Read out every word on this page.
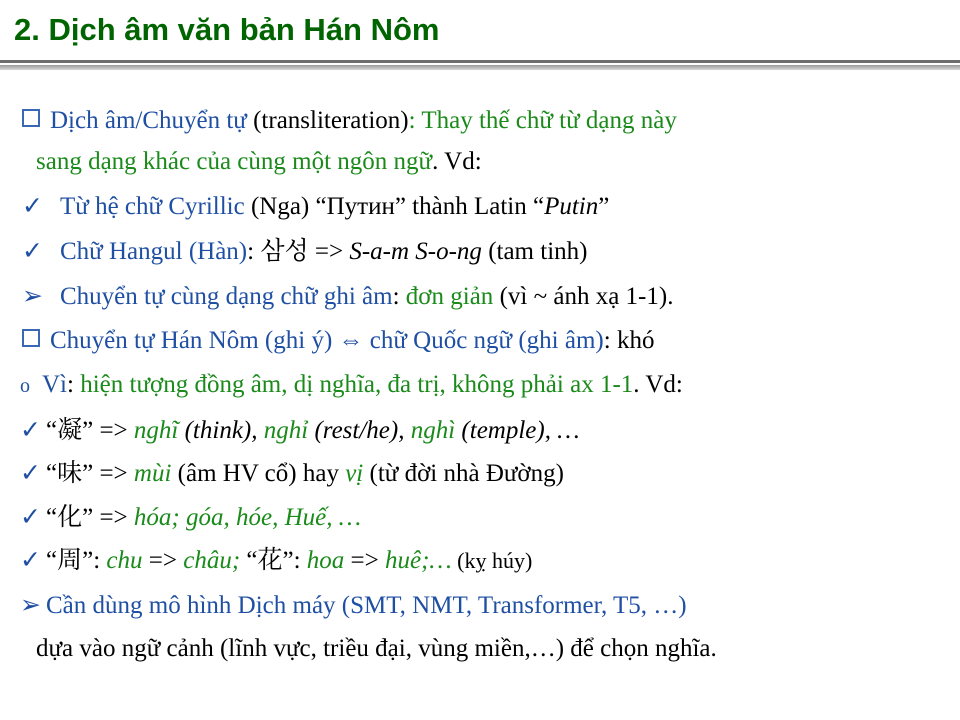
2. Dịch âm văn bản Hán Nôm
Dịch âm/Chuyển tự (transliteration): Thay thế chữ từ dạng này
sang dạng khác của cùng một ngôn ngữ. Vd:
✓ Từ hệ chữ Cyrillic (Nga) “Путин” thành Latin “Putin”
✓ Chữ Hangul (Hàn): 삼성 => S-a-m S-o-ng (tam tinh)
➢ Chuyển tự cùng dạng chữ ghi âm: đơn giản (vì ~ ánh xạ 1-1).
Chuyển tự Hán Nôm (ghi ý) ⇔ chữ Quốc ngữ (ghi âm): khó
o Vì: hiện tượng đồng âm, dị nghĩa, đa trị, không phải ax 1-1. Vd:
✓ “凝” => nghĩ (think), nghỉ (rest/he), nghì (temple), …
✓ “味” => mùi (âm HV cổ) hay vị (từ đời nhà Đường)
✓ “化” => hóa; góa, hóe, Huế, …
✓ “周”: chu => châu; “花”: hoa => huê;… (kỵ húy)
➢ Cần dùng mô hình Dịch máy (SMT, NMT, Transformer, T5, …)
dựa vào ngữ cảnh (lĩnh vực, triều đại, vùng miền,…) để chọn nghĩa.
